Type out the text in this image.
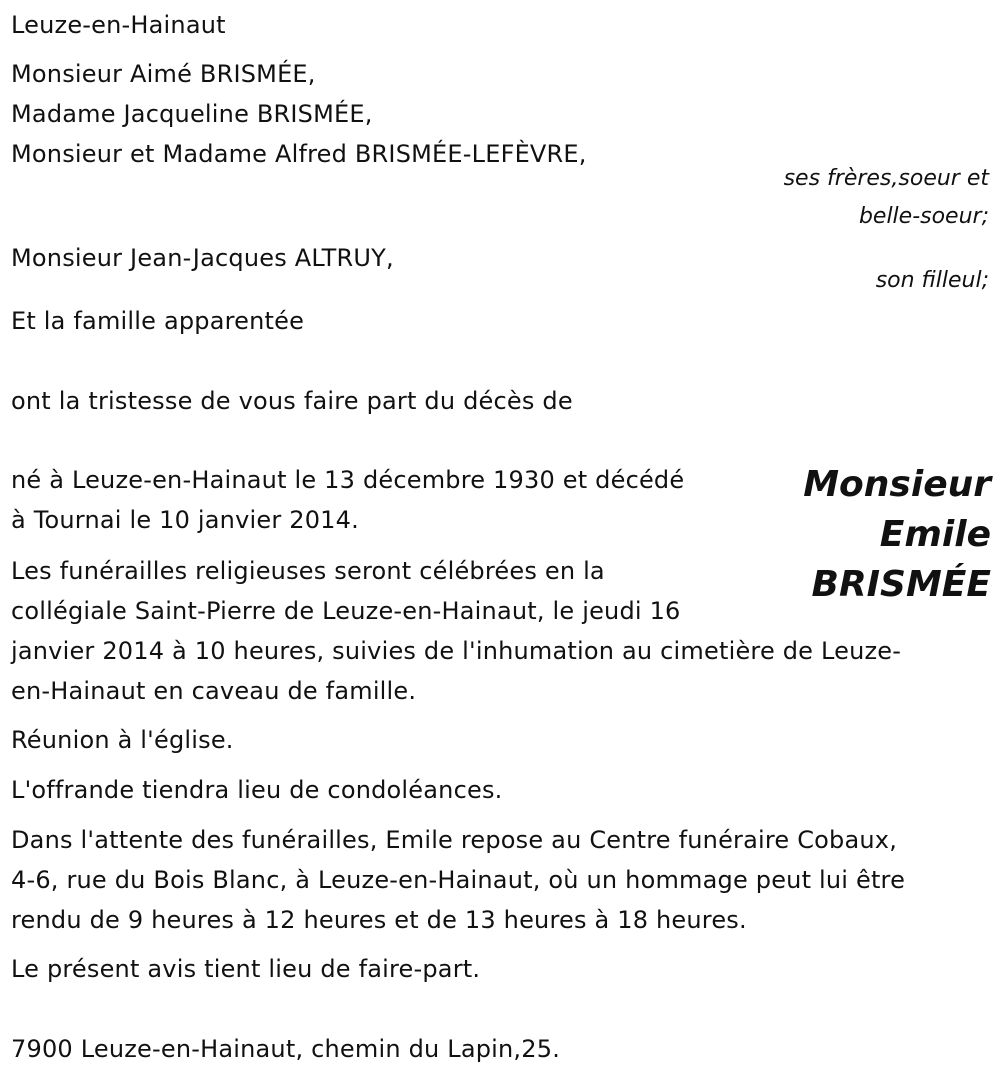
Leuze-en-Hainaut
Monsieur Aimé BRISMÉE,
Madame Jacqueline BRISMÉE,
Monsieur et Madame Alfred BRISMÉE-LEFÈVRE,
ses frères,soeur et
belle-soeur;
Monsieur Jean-Jacques ALTRUY,
son filleul;
Et la famille apparentée
ont la tristesse de vous faire part du décès de
Monsieur
Emile
BRISMÉE
né à Leuze-en-Hainaut le 13 décembre 1930 et décédé
à Tournai le 10 janvier 2014.
Les funérailles religieuses seront célébrées en la
collégiale Saint-Pierre de Leuze-en-Hainaut, le jeudi 16
janvier 2014 à 10 heures, suivies de l'inhumation au cimetière de Leuze-
en-Hainaut en caveau de famille.
Réunion à l'église.
L'offrande tiendra lieu de condoléances.
Dans l'attente des funérailles, Emile repose au Centre funéraire Cobaux,
4-6, rue du Bois Blanc, à Leuze-en-Hainaut, où un hommage peut lui être
rendu de 9 heures à 12 heures et de 13 heures à 18 heures.
Le présent avis tient lieu de faire-part.
7900 Leuze-en-Hainaut, chemin du Lapin,25.
